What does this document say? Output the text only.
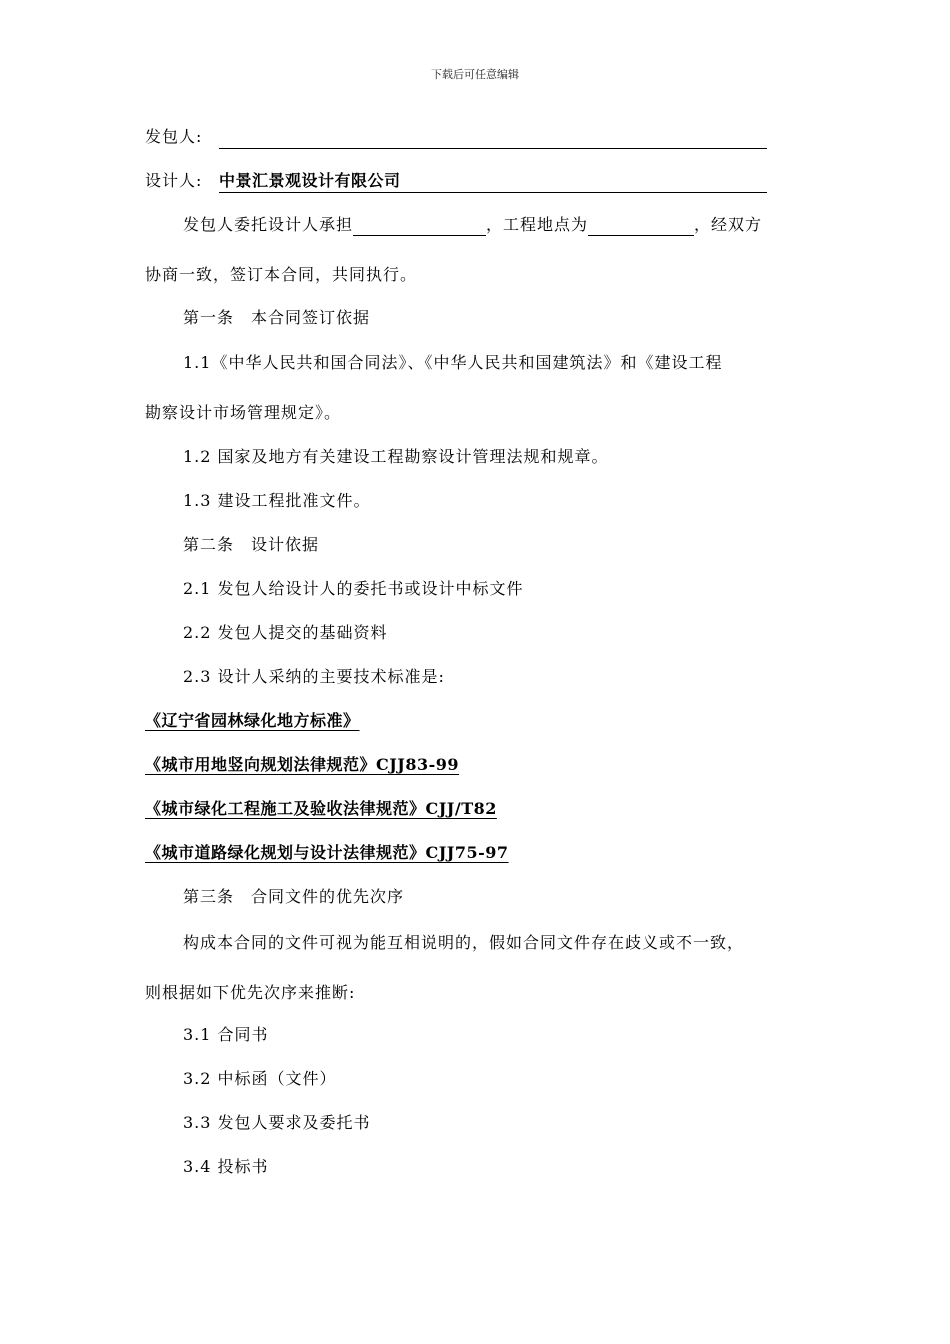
下载后可任意编辑
发包人:
设计人: 中景汇景观设计有限公司
发包人委托设计人承担	，工程地点为	，经双方
协商一致，签订本合同，共同执行。
第一条　本合同签订依据
1.1《中华人民共和国合同法》、《中华人民共和国建筑法》和《建设工程
勘察设计市场管理规定》。
1.2 国家及地方有关建设工程勘察设计管理法规和规章。
1.3 建设工程批准文件。
第二条　设计依据
2.1 发包人给设计人的委托书或设计中标文件
2.2 发包人提交的基础资料
2.3 设计人采纳的主要技术标准是:
《辽宁省园林绿化地方标准》
《城市用地竖向规划法律规范》CJJ83-99
《城市绿化工程施工及验收法律规范》CJJ/T82
《城市道路绿化规划与设计法律规范》CJJ75-97
第三条　合同文件的优先次序
构成本合同的文件可视为能互相说明的，假如合同文件存在歧义或不一致，
则根据如下优先次序来推断:
3.1 合同书
3.2 中标函（文件）
3.3 发包人要求及委托书
3.4 投标书
